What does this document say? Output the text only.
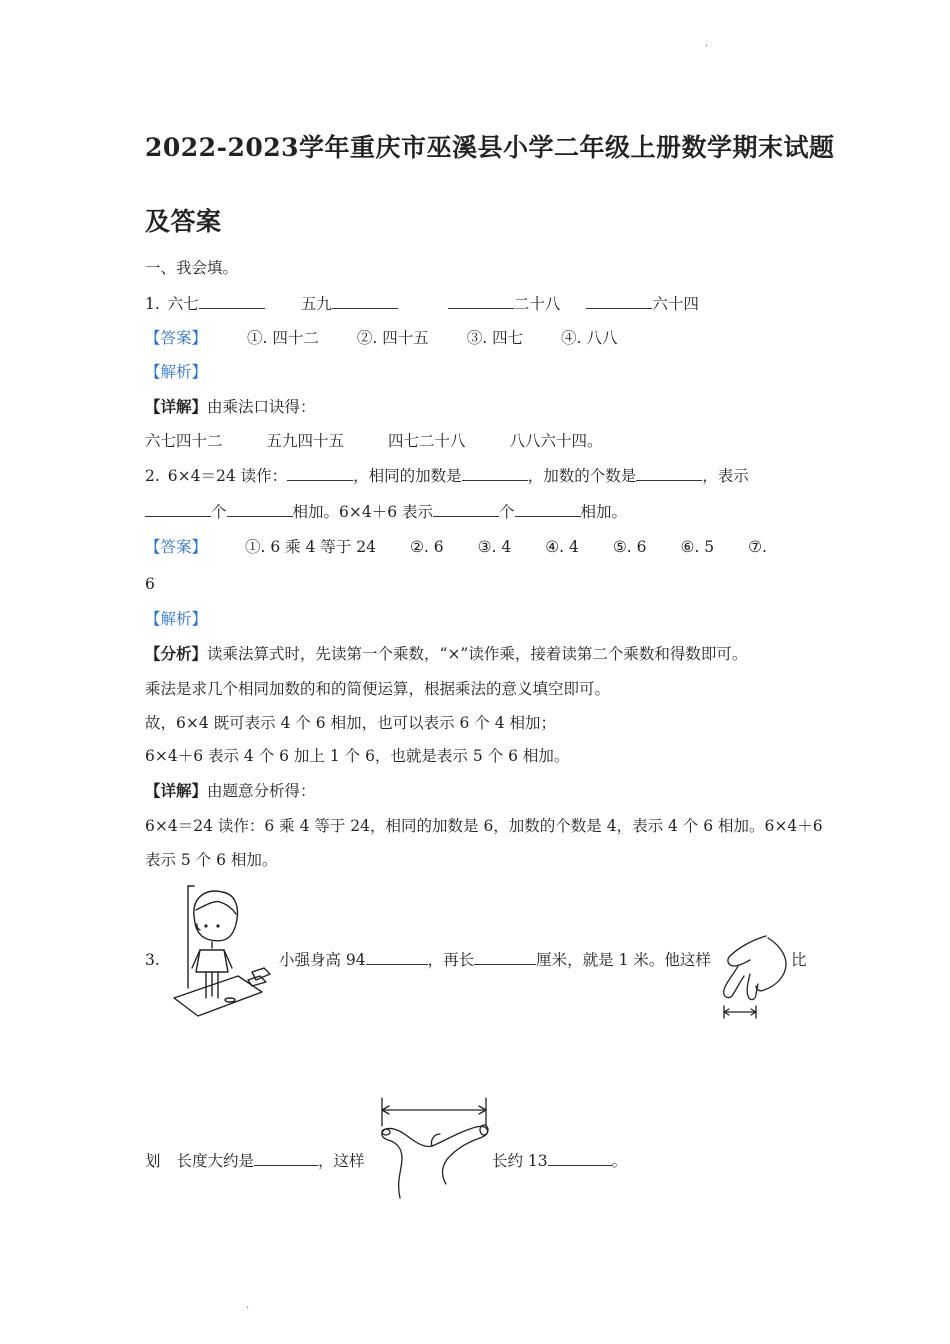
.
2022-2023学年重庆市巫溪县小学二年级上册数学期末试题
及答案
一、我会填。
1. 六七	五九	二十八	六十四
【答案】	①. 四十二 ②. 四十五 ③. 四七 ④. 八八
【解析】
【详解】由乘法口诀得：
六七四十二	五九四十五	四七二十八	八八六十四。
2. 6×4＝24 读作：	，相同的加数是	，加数的个数是	，表示
个	相加。6×4＋6 表示	个	相加。
【答案】 ①. 6 乘 4 等于 24 ②. 6 ③. 4 ④. 4 ⑤. 6 ⑥. 5 ⑦.
6
【解析】
【分析】读乘法算式时，先读第一个乘数，“×”读作乘，接着读第二个乘数和得数即可。
乘法是求几个相同加数的和的简便运算，根据乘法的意义填空即可。
故，6×4 既可表示 4 个 6 相加，也可以表示 6 个 4 相加；
6×4＋6 表示 4 个 6 加上 1 个 6，也就是表示 5 个 6 相加。
【详解】由题意分析得：
6×4＝24 读作：6 乘 4 等于 24，相同的加数是 6，加数的个数是 4，表示 4 个 6 相加。6×4＋6
表示 5 个 6 相加。
3.	小强身高 94	，再长	厘米，就是 1 米。他这样	比
划 长度大约是	，这样	长约 13	。
.
